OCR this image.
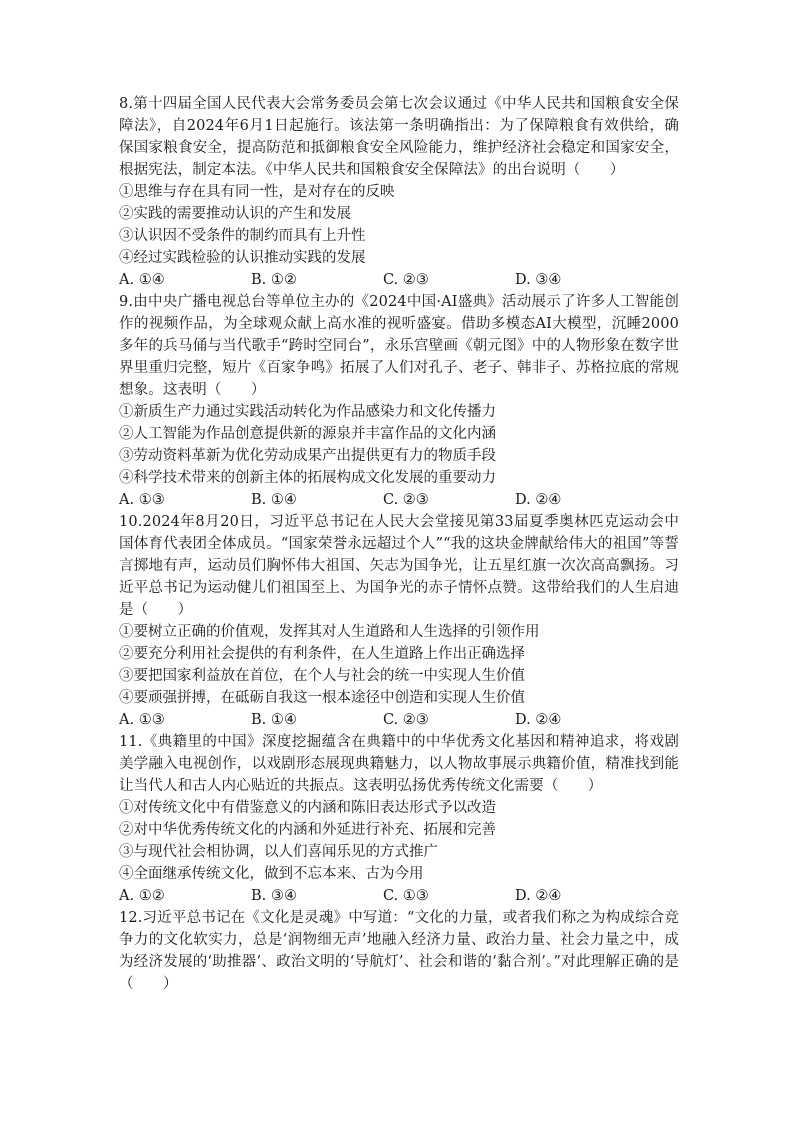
8.第十四届全国人民代表大会常务委员会第七次会议通过《中华人民共和国粮食安全保障法》，自2024年6月1日起施行。该法第一条明确指出：为了保障粮食有效供给，确保国家粮食安全，提高防范和抵御粮食安全风险能力，维护经济社会稳定和国家安全，根据宪法，制定本法。《中华人民共和国粮食安全保障法》的出台说明（　　）

①思维与存在具有同一性，是对存在的反映

②实践的需要推动认识的产生和发展

③认识因不受条件的制约而具有上升性

④经过实践检验的认识推动实践的发展

A. ①④	B. ①②	C. ②③	D. ③④

9.由中央广播电视总台等单位主办的《2024中国·AI盛典》活动展示了许多人工智能创作的视频作品，为全球观众献上高水准的视听盛宴。借助多模态AI大模型，沉睡2000多年的兵马俑与当代歌手“跨时空同台”，永乐宫壁画《朝元图》中的人物形象在数字世界里重归完整，短片《百家争鸣》拓展了人们对孔子、老子、韩非子、苏格拉底的常规想象。这表明（　　）

①新质生产力通过实践活动转化为作品感染力和文化传播力

②人工智能为作品创意提供新的源泉并丰富作品的文化内涵

③劳动资料革新为优化劳动成果产出提供更有力的物质手段

④科学技术带来的创新主体的拓展构成文化发展的重要动力

A. ①③	B. ①④	C. ②③	D. ②④

10.2024年8月20日，习近平总书记在人民大会堂接见第33届夏季奥林匹克运动会中国体育代表团全体成员。“国家荣誉永远超过个人”“我的这块金牌献给伟大的祖国”等誓言掷地有声，运动员们胸怀伟大祖国、矢志为国争光，让五星红旗一次次高高飘扬。习近平总书记为运动健儿们祖国至上、为国争光的赤子情怀点赞。这带给我们的人生启迪是（　　）

①要树立正确的价值观，发挥其对人生道路和人生选择的引领作用

②要充分利用社会提供的有利条件，在人生道路上作出正确选择

③要把国家利益放在首位，在个人与社会的统一中实现人生价值

④要顽强拼搏，在砥砺自我这一根本途径中创造和实现人生价值

A. ①③	B. ①④	C. ②③	D. ②④

11.《典籍里的中国》深度挖掘蕴含在典籍中的中华优秀文化基因和精神追求，将戏剧美学融入电视创作，以戏剧形态展现典籍魅力，以人物故事展示典籍价值，精准找到能让当代人和古人内心贴近的共振点。这表明弘扬优秀传统文化需要（　　）

①对传统文化中有借鉴意义的内涵和陈旧表达形式予以改造

②对中华优秀传统文化的内涵和外延进行补充、拓展和完善

③与现代社会相协调，以人们喜闻乐见的方式推广

④全面继承传统文化，做到不忘本来、古为今用

A. ①②	B. ③④	C. ①③	D. ②④

12.习近平总书记在《文化是灵魂》中写道：“文化的力量，或者我们称之为构成综合竞争力的文化软实力，总是‘润物细无声’地融入经济力量、政治力量、社会力量之中，成为经济发展的‘助推器’、政治文明的‘导航灯’、社会和谐的‘黏合剂’。”对此理解正确的是（　　）
